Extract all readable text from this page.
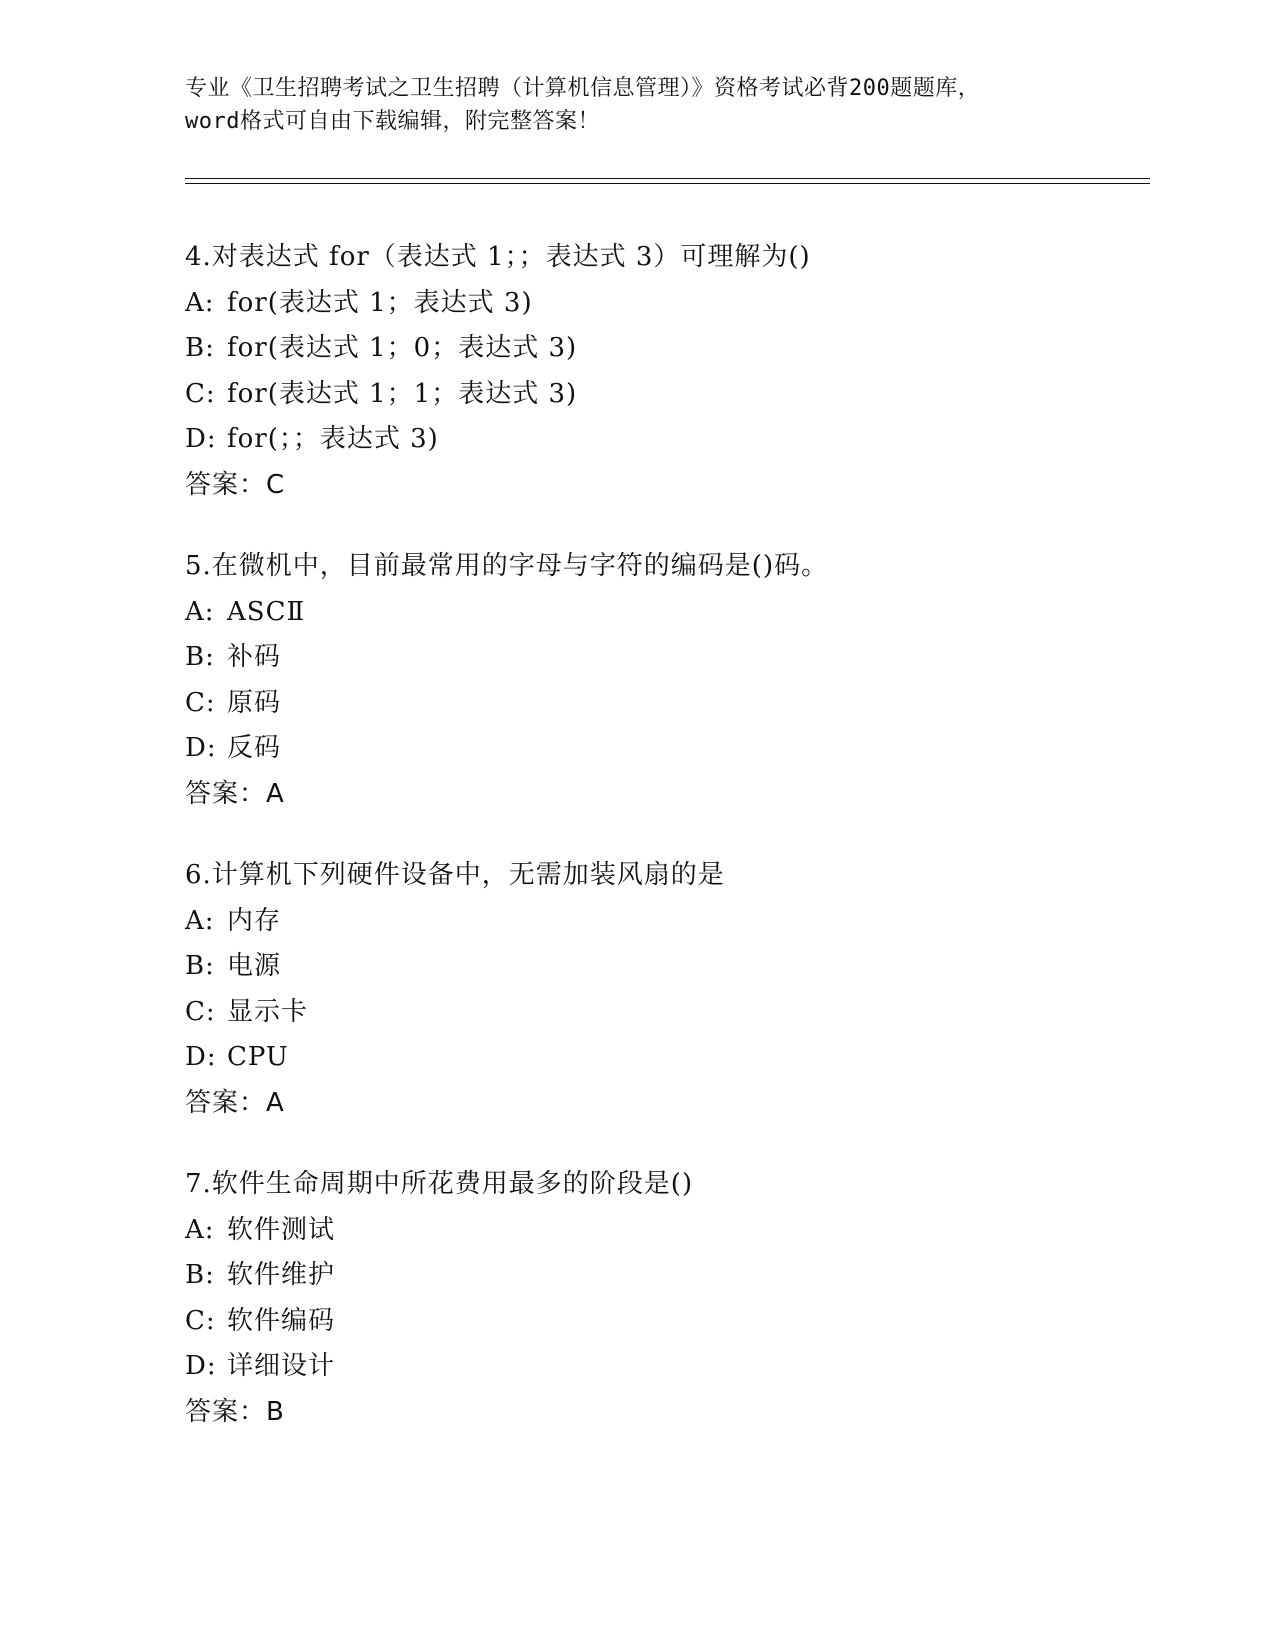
专业《卫生招聘考试之卫生招聘（计算机信息管理）》资格考试必背200题题库，
word格式可自由下载编辑，附完整答案！
4.对表达式 for（表达式 1；；表达式 3）可理解为()
A: for(表达式 1；表达式 3)
B: for(表达式 1；0；表达式 3)
C: for(表达式 1；1；表达式 3)
D: for(；；表达式 3)
答案：C
5.在微机中，目前最常用的字母与字符的编码是()码。
A: ASCⅡ
B: 补码
C: 原码
D: 反码
答案：A
6.计算机下列硬件设备中，无需加装风扇的是
A: 内存
B: 电源
C: 显示卡
D: CPU
答案：A
7.软件生命周期中所花费用最多的阶段是()
A: 软件测试
B: 软件维护
C: 软件编码
D: 详细设计
答案：B
